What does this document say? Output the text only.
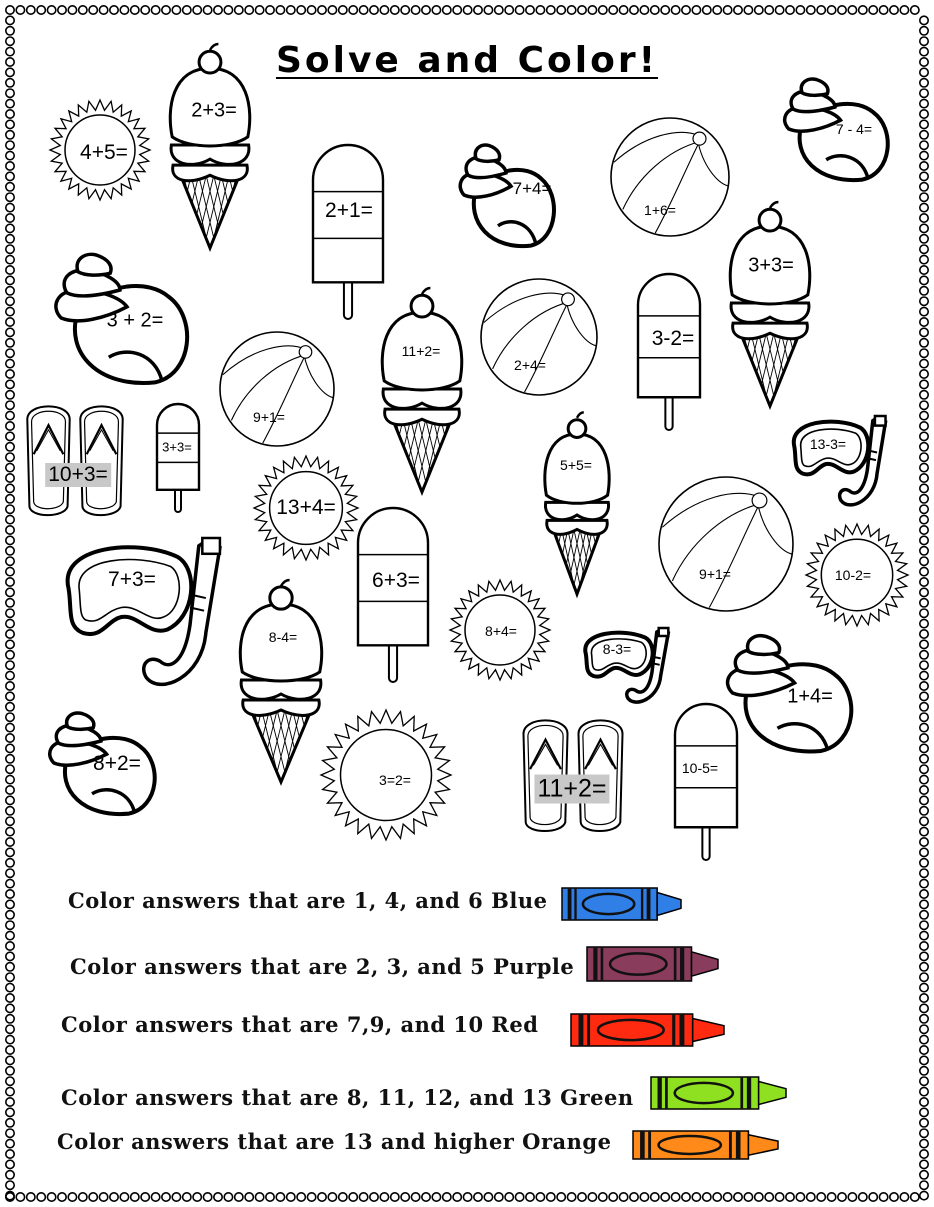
Solve and Color!
4+5=
2+3=
2+1=
7+4=
1+6=
7 - 4=
3 + 2=
9+1=
11+2=
2+4=
3-2=
3+3=
10+3=
3+3=
13+4=
5+5=
13-3=
7+3=	6+3=	9+1=	10-2=
8-4=	8+4=
8-3=
1+4=
8+2=
3=2=	11+2=
10-5=
Color answers that are 1, 4, and 6 Blue
Color answers that are 2, 3, and 5 Purple
Color answers that are 7,9, and 10 Red
Color answers that are 8, 11, 12, and 13 Green
Color answers that are 13 and higher Orange
